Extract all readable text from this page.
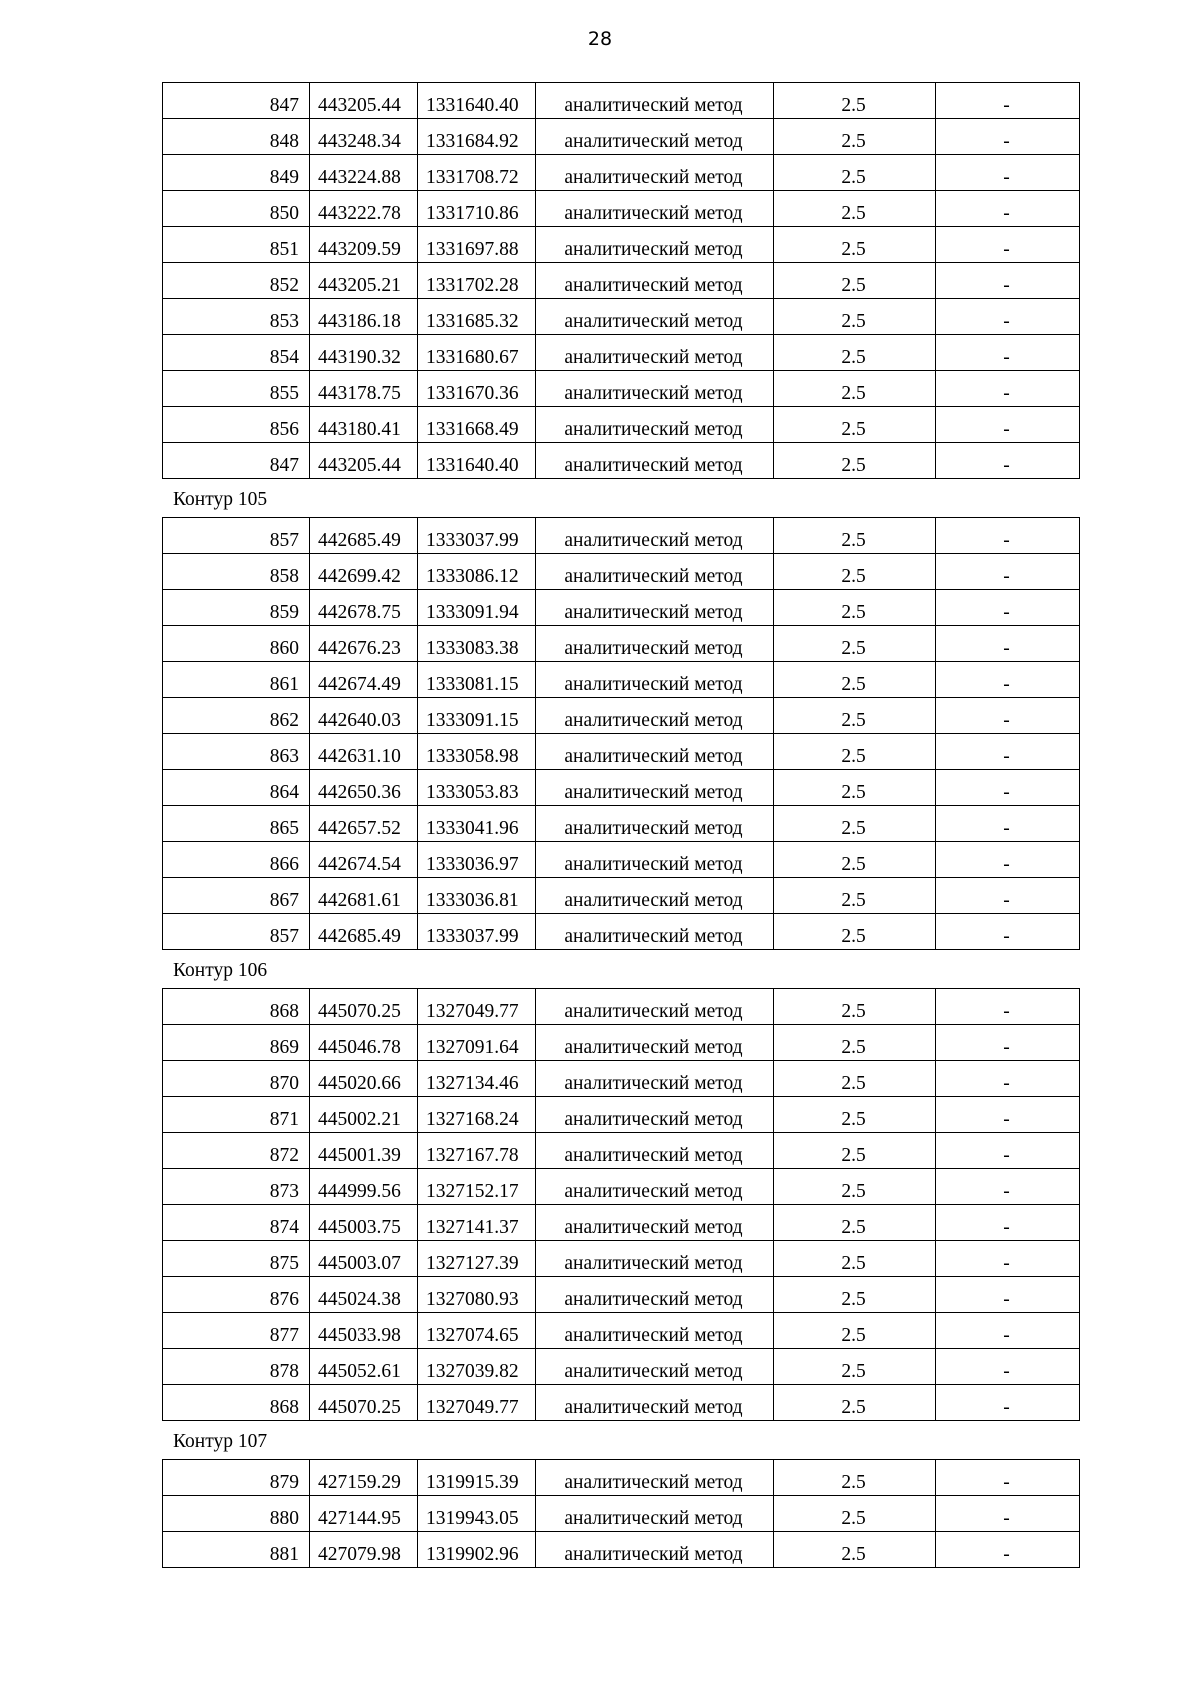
28
847	443205.44	1331640.40	аналитический метод	2.5	-
848	443248.34	1331684.92	аналитический метод	2.5	-
849	443224.88	1331708.72	аналитический метод	2.5	-
850	443222.78	1331710.86	аналитический метод	2.5	-
851	443209.59	1331697.88	аналитический метод	2.5	-
852	443205.21	1331702.28	аналитический метод	2.5	-
853	443186.18	1331685.32	аналитический метод	2.5	-
854	443190.32	1331680.67	аналитический метод	2.5	-
855	443178.75	1331670.36	аналитический метод	2.5	-
856	443180.41	1331668.49	аналитический метод	2.5	-
847	443205.44	1331640.40	аналитический метод	2.5	-
Контур 105
857	442685.49	1333037.99	аналитический метод	2.5	-
858	442699.42	1333086.12	аналитический метод	2.5	-
859	442678.75	1333091.94	аналитический метод	2.5	-
860	442676.23	1333083.38	аналитический метод	2.5	-
861	442674.49	1333081.15	аналитический метод	2.5	-
862	442640.03	1333091.15	аналитический метод	2.5	-
863	442631.10	1333058.98	аналитический метод	2.5	-
864	442650.36	1333053.83	аналитический метод	2.5	-
865	442657.52	1333041.96	аналитический метод	2.5	-
866	442674.54	1333036.97	аналитический метод	2.5	-
867	442681.61	1333036.81	аналитический метод	2.5	-
857	442685.49	1333037.99	аналитический метод	2.5	-
Контур 106
868	445070.25	1327049.77	аналитический метод	2.5	-
869	445046.78	1327091.64	аналитический метод	2.5	-
870	445020.66	1327134.46	аналитический метод	2.5	-
871	445002.21	1327168.24	аналитический метод	2.5	-
872	445001.39	1327167.78	аналитический метод	2.5	-
873	444999.56	1327152.17	аналитический метод	2.5	-
874	445003.75	1327141.37	аналитический метод	2.5	-
875	445003.07	1327127.39	аналитический метод	2.5	-
876	445024.38	1327080.93	аналитический метод	2.5	-
877	445033.98	1327074.65	аналитический метод	2.5	-
878	445052.61	1327039.82	аналитический метод	2.5	-
868	445070.25	1327049.77	аналитический метод	2.5	-
Контур 107
879	427159.29	1319915.39	аналитический метод	2.5	-
880	427144.95	1319943.05	аналитический метод	2.5	-
881	427079.98	1319902.96	аналитический метод	2.5	-
